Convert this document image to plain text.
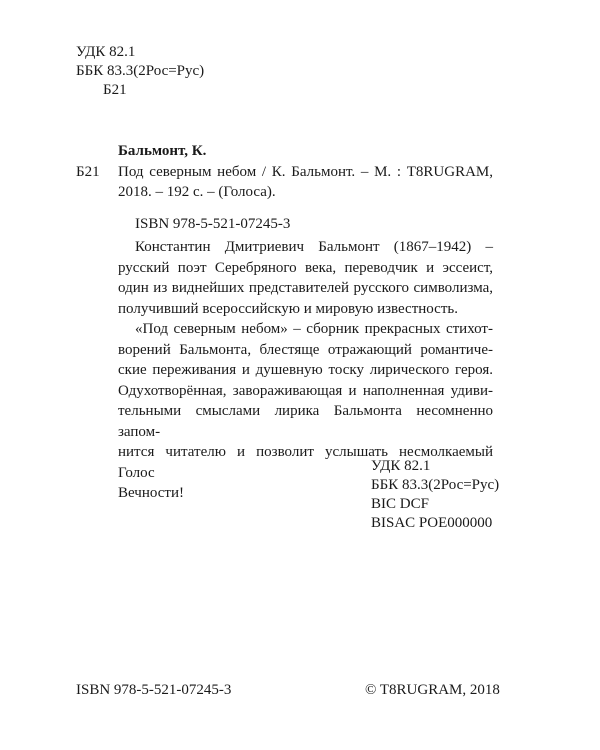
УДК 82.1
ББК 83.3(2Рос=Рус)
Б21
Бальмонт, К.
Б21 Под северным небом / К. Бальмонт. – М. : T8RUGRAM,
2018. – 192 с. – (Голоса).
ISBN 978-5-521-07245-3
Константин Дмитриевич Бальмонт (1867–1942) –
русский поэт Серебряного века, переводчик и эссеист,
один из виднейших представителей русского символизма,
получивший всероссийскую и мировую известность.
«Под северным небом» – сборник прекрасных стихот-
ворений Бальмонта, блестяще отражающий романтиче-
ские переживания и душевную тоску лирического героя.
Одухотворённая, завораживающая и наполненная удиви-
тельными смыслами лирика Бальмонта несомненно запом-
нится читателю и позволит услышать несмолкаемый Голос
Вечности!
УДК 82.1
ББК 83.3(2Рос=Рус)
BIC DCF
BISAC POE000000
ISBN 978-5-521-07245-3	© T8RUGRAM, 2018
